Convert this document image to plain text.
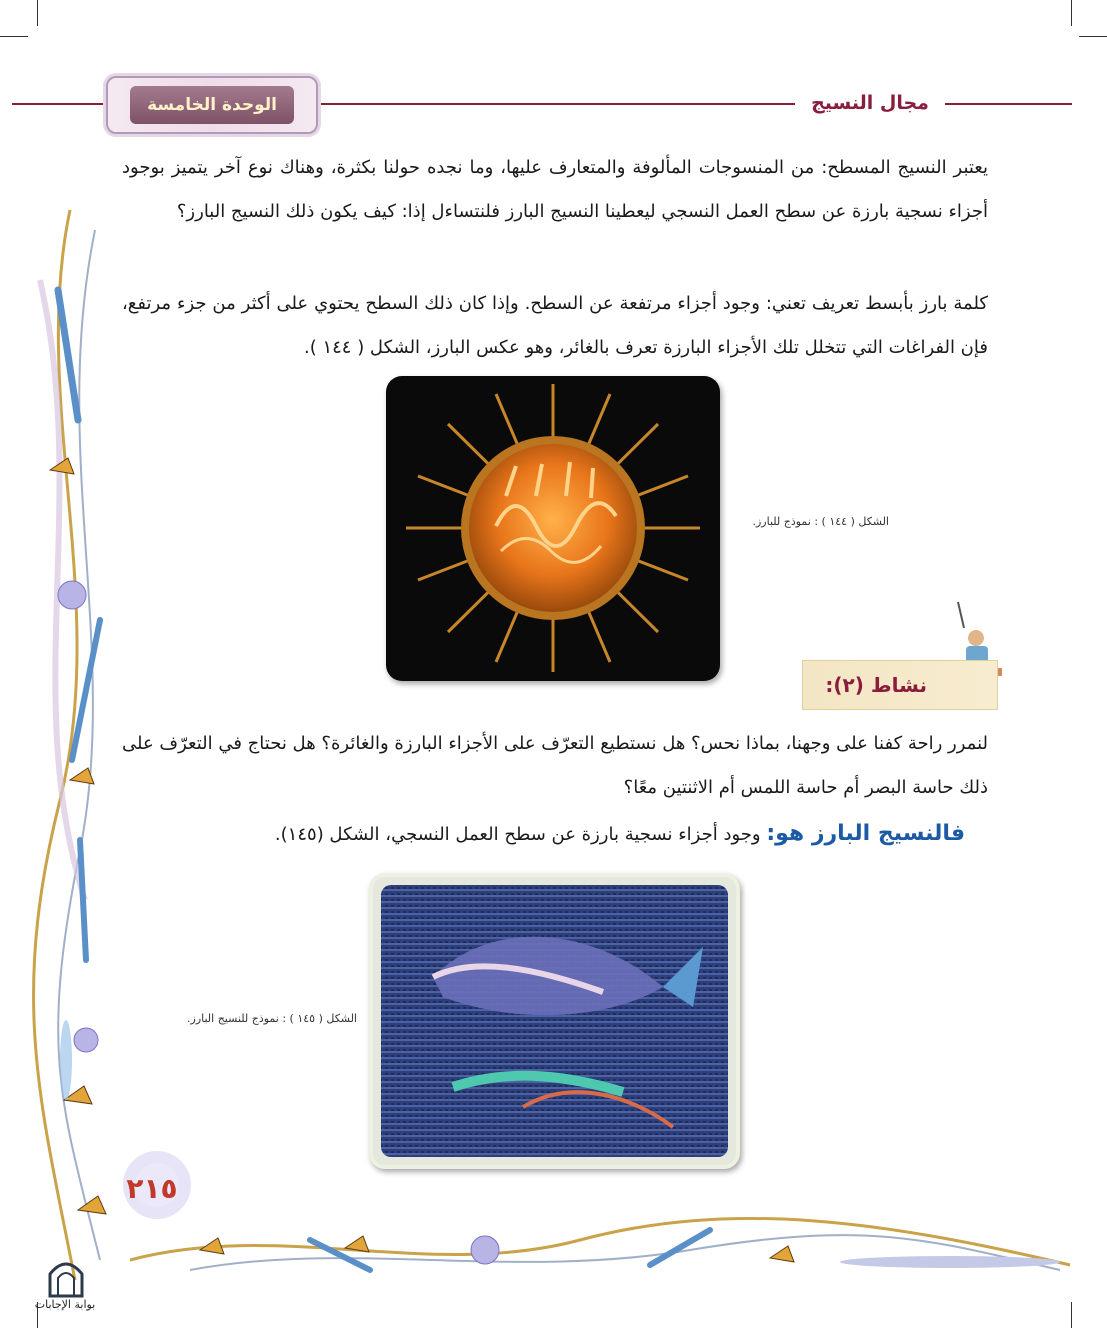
الوحدة الخامسة	مجال النسيج
يعتبر النسيج المسطح: من المنسوجات المألوفة والمتعارف عليها، وما نجده حولنا بكثرة، وهناك نوع آخر يتميز بوجود أجزاء نسجية بارزة عن سطح العمل النسجي ليعطينا النسيج البارز فلنتساءل إذا: كيف يكون ذلك النسيج البارز؟
كلمة بارز بأبسط تعريف تعني: وجود أجزاء مرتفعة عن السطح. وإذا كان ذلك السطح يحتوي على أكثر من جزء مرتفع، فإن الفراغات التي تتخلل تلك الأجزاء البارزة تعرف بالغائر، وهو عكس البارز، الشكل ( ١٤٤ ).
الشكل ( ١٤٤ ) : نموذج للبارز.
نشاط (٢):
لنمرر راحة كفنا على وجهنا، بماذا نحس؟ هل نستطيع التعرّف على الأجزاء البارزة والغائرة؟ هل نحتاج في التعرّف على ذلك حاسة البصر أم حاسة اللمس أم الاثنتين معًا؟
فالنسيج البارز هو: وجود أجزاء نسجية بارزة عن سطح العمل النسجي، الشكل (١٤٥).
الشكل ( ١٤٥ ) : نموذج للنسيج البارز.
٢١٥
بوابة الإجابات
